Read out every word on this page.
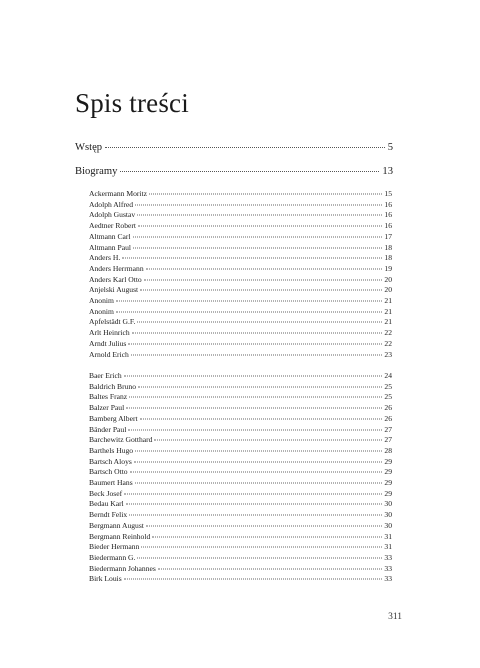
Spis treści
Wstęp	5
Biogramy	13
Ackermann Moritz	15
Adolph Alfred	16
Adolph Gustav	16
Aedtner Robert	16
Altmann Carl	17
Altmann Paul	18
Anders H.	18
Anders Herrmann	19
Anders Karl Otto	20
Anjelski August	20
Anonim	21
Anonim	21
Apfelstädt G.F.	21
Arlt Heinrich	22
Arndt Julius	22
Arnold Erich	23
Baer Erich	24
Baldrich Bruno	25
Baltes Franz	25
Balzer Paul	26
Bamberg Albert	26
Bänder Paul	27
Barchewitz Gotthard	27
Barthels Hugo	28
Bartsch Aloys	29
Bartsch Otto	29
Baumert Hans	29
Beck Josef	29
Bedau Karl	30
Berndt Felix	30
Bergmann August	30
Bergmann Reinhold	31
Bieder Hermann	31
Biedermann G.	33
Biedermann Johannes	33
Birk Louis	33
311
